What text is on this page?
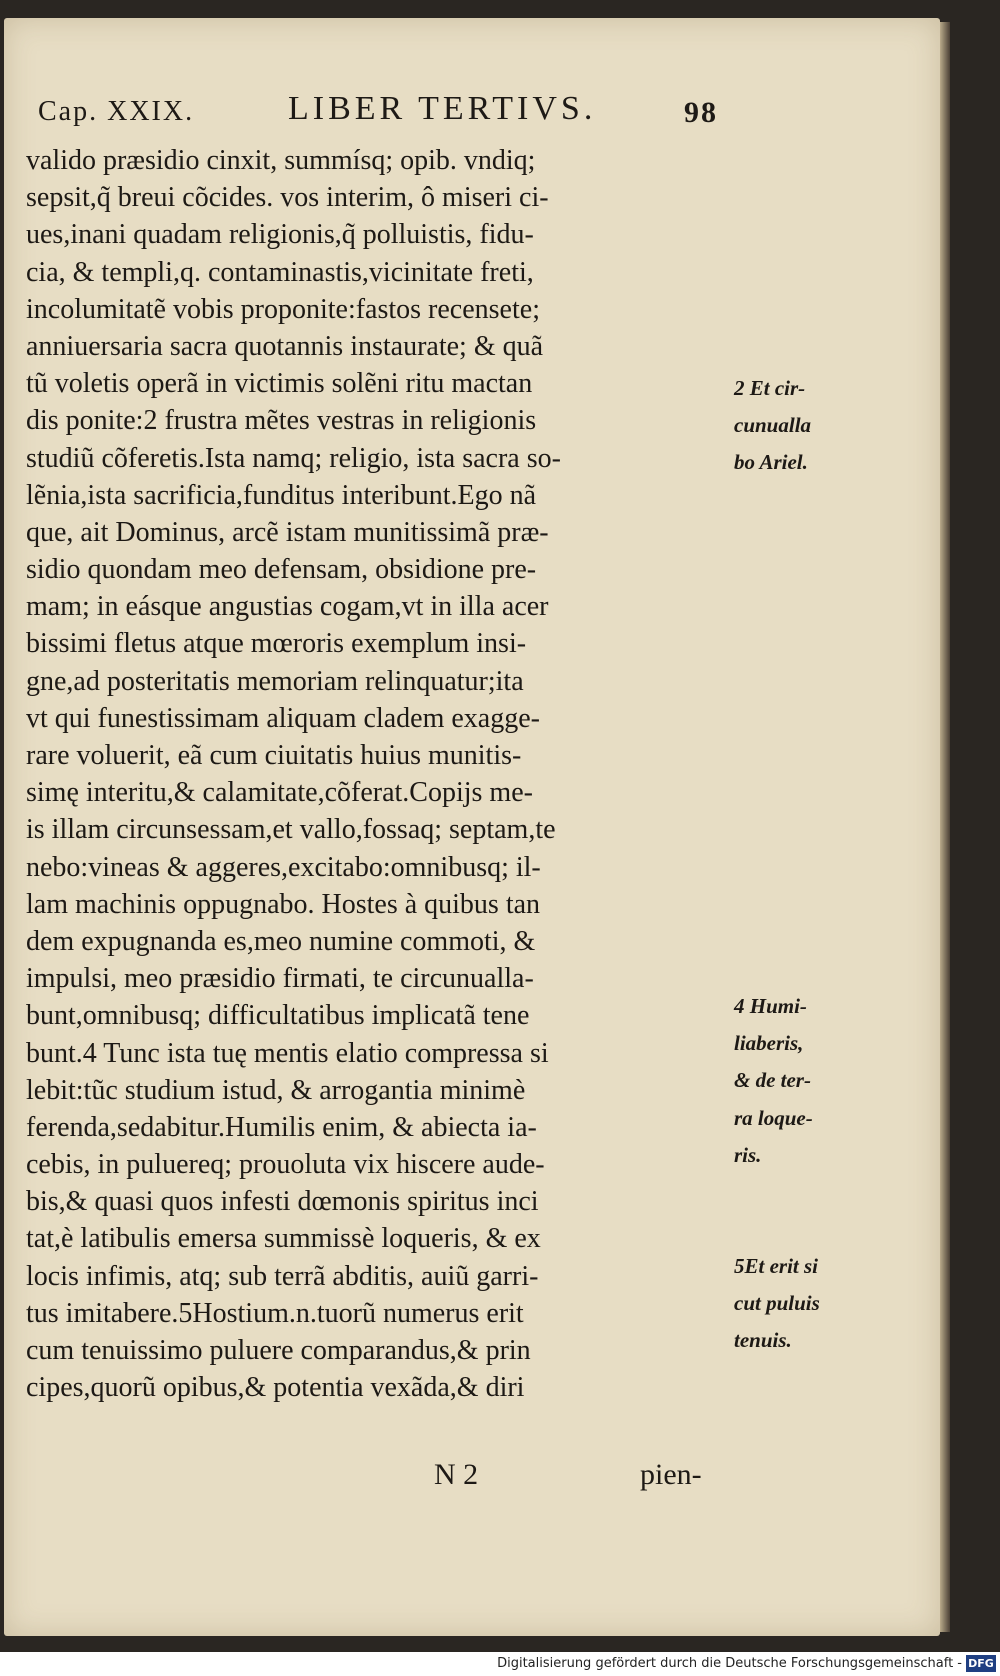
Cap. XXIX.	LIBER TERTIVS.	98
valido præsidio cinxit, summísq; opib. vndiq;
sepsit,q̃ breui cõcides. vos interim, ô miseri ci-
ues,inani quadam religionis,q̃ polluistis, fidu-
cia, & templi,q. contaminastis,vicinitate freti,
incolumitatẽ vobis proponite:fastos recensete;
anniuersaria sacra quotannis instaurate; & quã
tũ voletis operã in victimis solẽni ritu mactan
dis ponite:2 frustra mẽtes vestras in religionis
studiũ cõferetis.Ista namq; religio, ista sacra so-
lẽnia,ista sacrificia,funditus interibunt.Ego nã
que, ait Dominus, arcẽ istam munitissimã præ-
sidio quondam meo defensam, obsidione pre-
mam; in eásque angustias cogam,vt in illa acer
bissimi fletus atque mœroris exemplum insi-
gne,ad posteritatis memoriam relinquatur;ita
vt qui funestissimam aliquam cladem exagge-
rare voluerit, eã cum ciuitatis huius munitis-
simę interitu,& calamitate,cõferat.Copijs me-
is illam circunsessam,et vallo,fossaq; septam,te
nebo:vineas & aggeres,excitabo:omnibusq; il-
lam machinis oppugnabo. Hostes à quibus tan
dem expugnanda es,meo numine commoti, &
impulsi, meo præsidio firmati, te circunualla-
bunt,omnibusq; difficultatibus implicatã tene
bunt.4 Tunc ista tuę mentis elatio compressa si
lebit:tũc studium istud, & arrogantia minimè
ferenda,sedabitur.Humilis enim, & abiecta ia-
cebis, in puluereq; prouoluta vix hiscere aude-
bis,& quasi quos infesti dœmonis spiritus inci
tat,è latibulis emersa summissè loqueris, & ex
locis infimis, atq; sub terrã abditis, auiũ garri-
tus imitabere.5Hostium.n.tuorũ numerus erit
cum tenuissimo puluere comparandus,& prin
cipes,quorũ opibus,& potentia vexãda,& diri
2 Et cir-
cunualla
bo Ariel.
4 Humi-
liaberis,
& de ter-
ra loque-
ris.
5Et erit si
cut puluis
tenuis.
N 2	pien-
Digitalisierung gefördert durch die Deutsche Forschungsgemeinschaft - DFG
